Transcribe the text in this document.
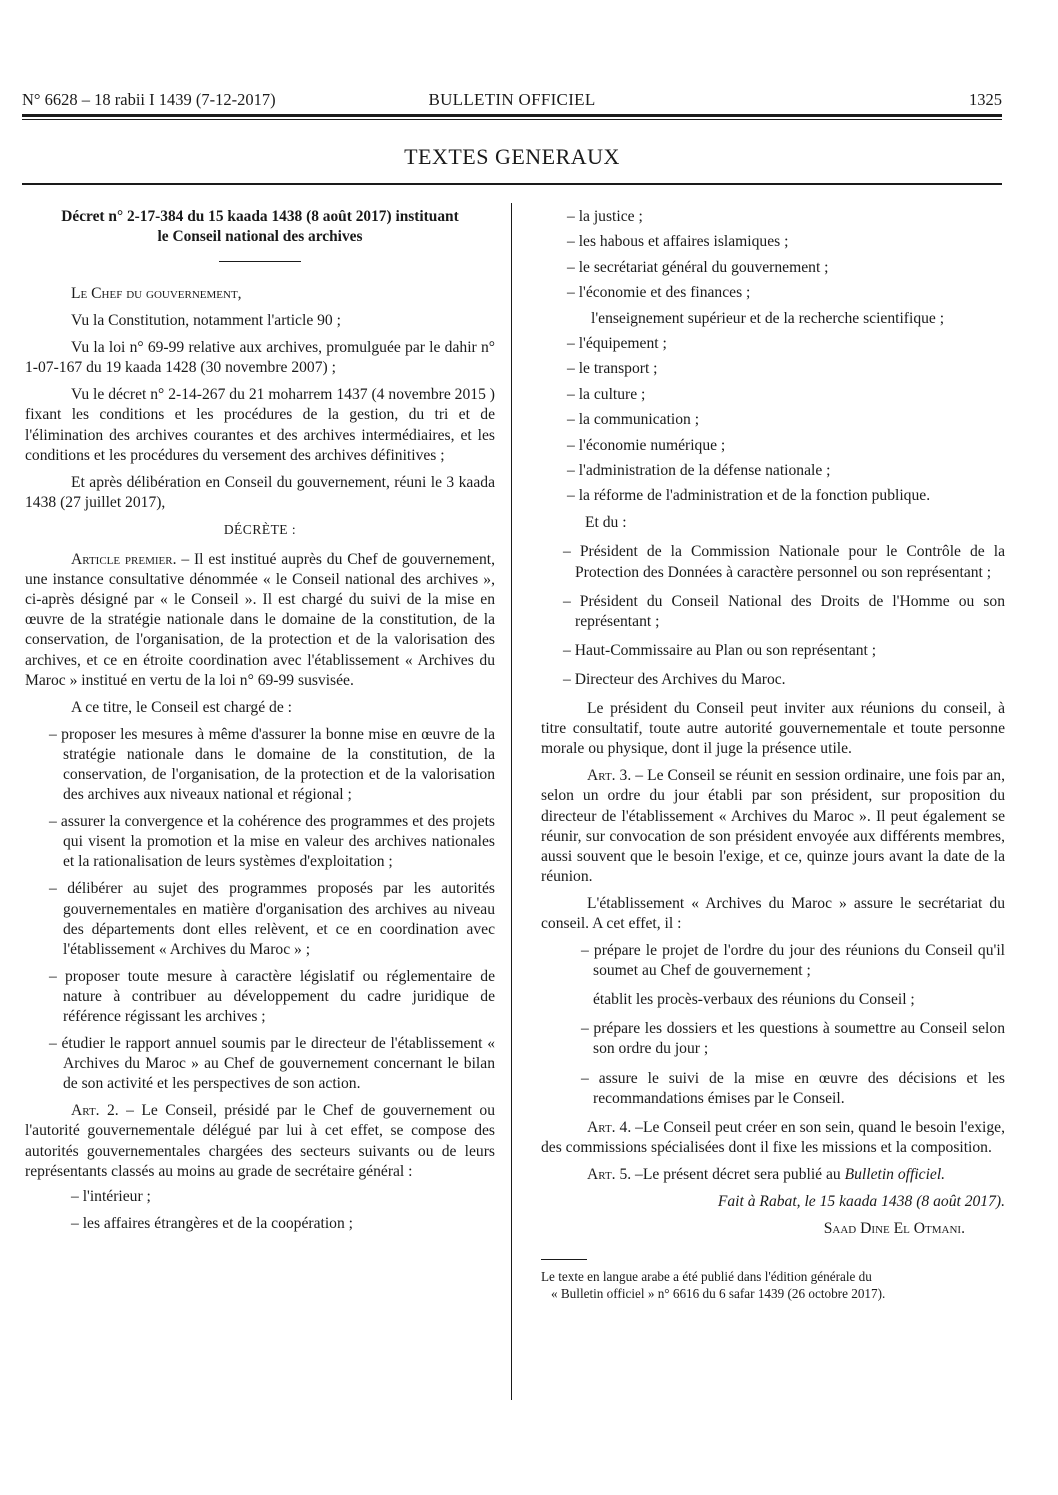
N° 6628 – 18 rabii I 1439 (7-12-2017)	BULLETIN OFFICIEL	1325
TEXTES GENERAUX
Décret n° 2-17-384 du 15 kaada 1438 (8 août 2017) instituant
le Conseil national des archives

Le Chef du gouvernement,

Vu la Constitution, notamment l'article 90 ;

Vu la loi n° 69-99 relative aux archives, promulguée par le dahir n° 1-07-167 du 19 kaada 1428 (30 novembre 2007) ;

Vu le décret n° 2-14-267 du 21 moharrem 1437 (4 novembre 2015 ) fixant les conditions et les procédures de la gestion, du tri et de l'élimination des archives courantes et des archives intermédiaires, et les conditions et les procédures du versement des archives définitives ;

Et après délibération en Conseil du gouvernement, réuni le 3 kaada 1438 (27 juillet 2017),

DÉCRÈTE :

Article premier. – Il est institué auprès du Chef de gouvernement, une instance consultative dénommée « le Conseil national des archives », ci-après désigné par « le Conseil ». Il est chargé du suivi de la mise en œuvre de la stratégie nationale dans le domaine de la constitution, de la conservation, de l'organisation, de la protection et de la valorisation des archives, et ce en étroite coordination avec l'établissement « Archives du Maroc » institué en vertu de la loi n° 69-99 susvisée.

A ce titre, le Conseil est chargé de :

– proposer les mesures à même d'assurer la bonne mise en œuvre de la stratégie nationale dans le domaine de la constitution, de la conservation, de l'organisation, de la protection et de la valorisation des archives aux niveaux national et régional ;

– assurer la convergence et la cohérence des programmes et des projets qui visent la promotion et la mise en valeur des archives nationales et la rationalisation de leurs systèmes d'exploitation ;

– délibérer au sujet des programmes proposés par les autorités gouvernementales en matière d'organisation des archives au niveau des départements dont elles relèvent, et ce en coordination avec l'établissement « Archives du Maroc » ;

– proposer toute mesure à caractère législatif ou réglementaire de nature à contribuer au développement du cadre juridique de référence régissant les archives ;

– étudier le rapport annuel soumis par le directeur de l'établissement « Archives du Maroc » au Chef de gouvernement concernant le bilan de son activité et les perspectives de son action.

Art. 2. – Le Conseil, présidé par le Chef de gouvernement ou l'autorité gouvernementale délégué par lui à cet effet, se compose des autorités gouvernementales chargées des secteurs suivants ou de leurs représentants classés au moins au grade de secrétaire général :

– l'intérieur ;

– les affaires étrangères et de la coopération ;

– la justice ;
– les habous et affaires islamiques ;
– le secrétariat général du gouvernement ;
– l'économie et des finances ;
l'enseignement supérieur et de la recherche scientifique ;
– l'équipement ;
– le transport ;
– la culture ;
– la communication ;
– l'économie numérique ;
– l'administration de la défense nationale ;
– la réforme de l'administration et de la fonction publique.

Et du :

– Président de la Commission Nationale pour le Contrôle de la Protection des Données à caractère personnel ou son représentant ;

– Président du Conseil National des Droits de l'Homme ou son représentant ;

– Haut-Commissaire au Plan ou son représentant ;

– Directeur des Archives du Maroc.

Le président du Conseil peut inviter aux réunions du conseil, à titre consultatif, toute autre autorité gouvernementale et toute personne morale ou physique, dont il juge la présence utile.

Art. 3. – Le Conseil se réunit en session ordinaire, une fois par an, selon un ordre du jour établi par son président, sur proposition du directeur de l'établissement « Archives du Maroc ». Il peut également se réunir, sur convocation de son président envoyée aux différents membres, aussi souvent que le besoin l'exige, et ce, quinze jours avant la date de la réunion.

L'établissement « Archives du Maroc » assure le secrétariat du conseil. A cet effet, il :

– prépare le projet de l'ordre du jour des réunions du Conseil qu'il soumet au Chef de gouvernement ;

établit les procès-verbaux des réunions du Conseil ;

– prépare les dossiers et les questions à soumettre au Conseil selon son ordre du jour ;

– assure le suivi de la mise en œuvre des décisions et les recommandations émises par le Conseil.

Art. 4. –Le Conseil peut créer en son sein, quand le besoin l'exige, des commissions spécialisées dont il fixe les missions et la composition.

Art. 5. –Le présent décret sera publié au Bulletin officiel.

Fait à Rabat, le 15 kaada 1438 (8 août 2017).

Saad Dine El Otmani.

Le texte en langue arabe a été publié dans l'édition générale du
« Bulletin officiel » n° 6616 du 6 safar 1439 (26 octobre 2017).
